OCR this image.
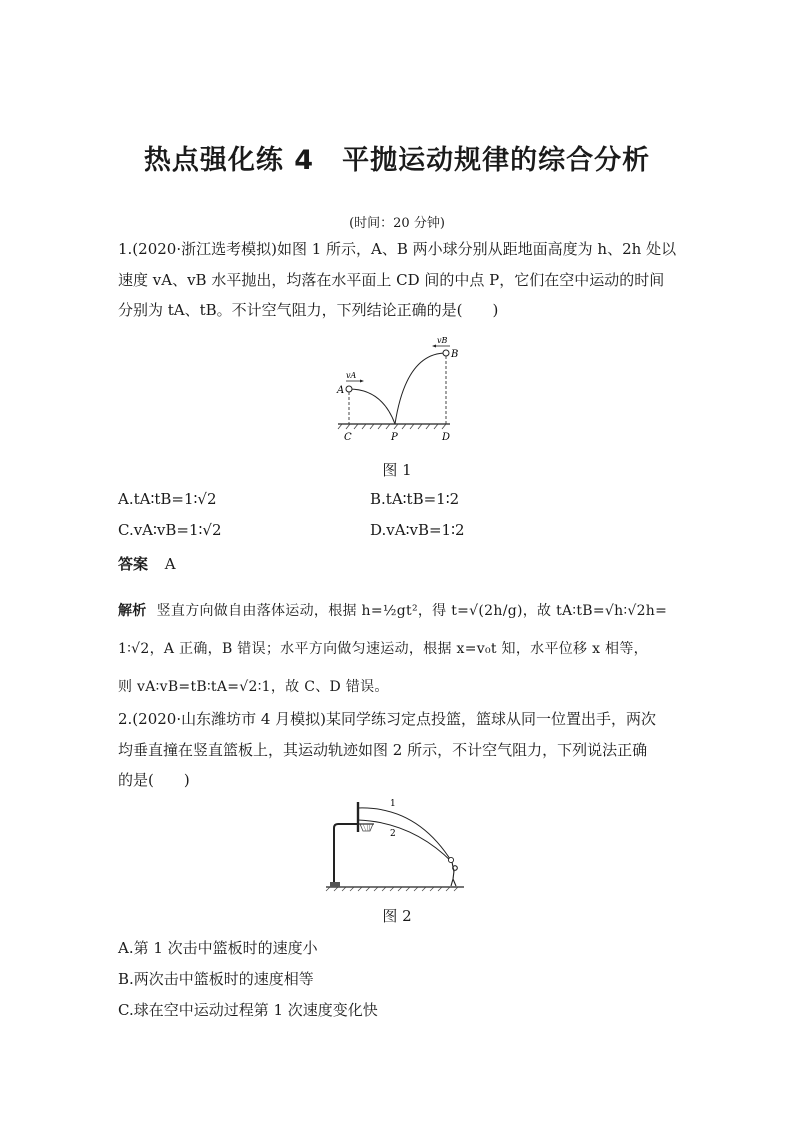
热点强化练 4　平抛运动规律的综合分析
(时间：20 分钟)
1.(2020·浙江选考模拟)如图 1 所示，A、B 两小球分别从距地面高度为 h、2h 处以
速度 vA、vB 水平抛出，均落在水平面上 CD 间的中点 P，它们在空中运动的时间
分别为 tA、tB。不计空气阻力，下列结论正确的是(　　)
vA
vB
A
B
C	P	D
图 1
A.tA∶tB=1∶√2	B.tA∶tB=1∶2
C.vA∶vB=1∶√2	D.vA∶vB=1∶2
答案 A
解析 竖直方向做自由落体运动，根据 h=½gt²，得 t=√(2h/g)，故 tA∶tB=√h∶√2h=
1∶√2，A 正确，B 错误；水平方向做匀速运动，根据 x=v₀t 知，水平位移 x 相等，
则 vA∶vB=tB∶tA=√2∶1，故 C、D 错误。
2.(2020·山东潍坊市 4 月模拟)某同学练习定点投篮，篮球从同一位置出手，两次
均垂直撞在竖直篮板上，其运动轨迹如图 2 所示，不计空气阻力，下列说法正确
的是(　　)
1
2
图 2
A.第 1 次击中篮板时的速度小
B.两次击中篮板时的速度相等
C.球在空中运动过程第 1 次速度变化快
